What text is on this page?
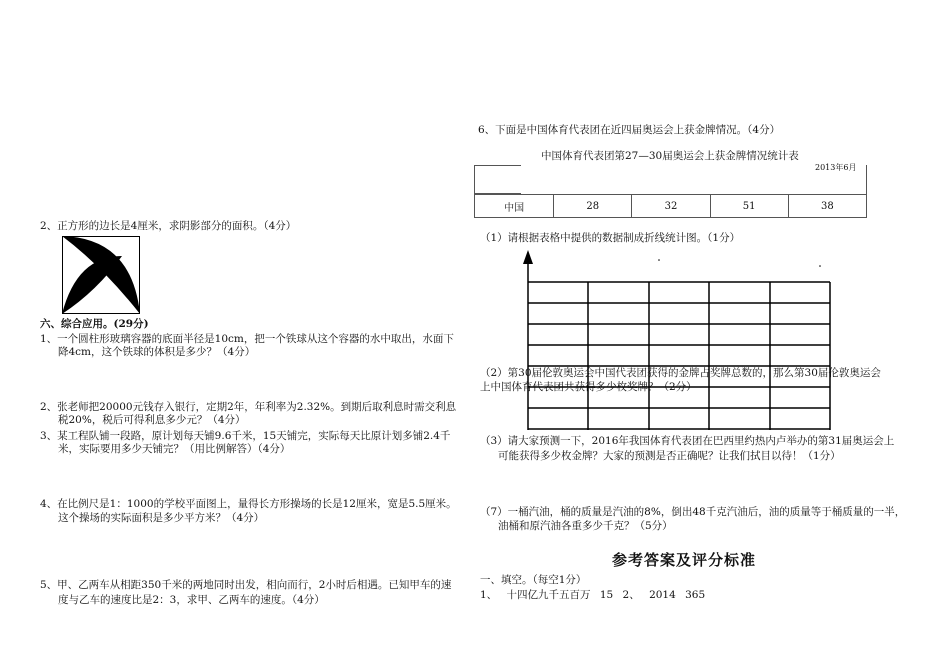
2、正方形的边长是4厘米，求阴影部分的面积。（4分）
六、综合应用。(29分)
1、一个圆柱形玻璃容器的底面半径是10cm，把一个铁球从这个容器的水中取出，水面下
降4cm，这个铁球的体积是多少？（4分）
2、张老师把20000元钱存入银行，定期2年，年利率为2.32%。到期后取利息时需交利息
税20%，税后可得利息多少元？（4分）
3、某工程队铺一段路，原计划每天铺9.6千米，15天铺完，实际每天比原计划多铺2.4千
米，实际要用多少天铺完？（用比例解答）（4分）
4、在比例尺是1：1000的学校平面图上，量得长方形操场的长是12厘米，宽是5.5厘米。
这个操场的实际面积是多少平方米？（4分）
5、甲、乙两车从相距350千米的两地同时出发，相向而行，2小时后相遇。已知甲车的速
度与乙车的速度比是2：3，求甲、乙两车的速度。（4分）
6、下面是中国体育代表团在近四届奥运会上获金牌情况。（4分）
中国体育代表团第27—30届奥运会上获金牌情况统计表
2013年6月
中国	28	32	51	38
（1）请根据表格中提供的数据制成折线统计图。（1分）
（2）第30届伦敦奥运会中国代表团获得的金牌占奖牌总数的，那么第30届伦敦奥运会
上中国体育代表团共获得多少枚奖牌？（2分）
（3）请大家预测一下，2016年我国体育代表团在巴西里约热内卢举办的第31届奥运会上
可能获得多少枚金牌？大家的预测是否正确呢？让我们拭目以待！（1分）
（7）一桶汽油，桶的质量是汽油的8%，倒出48千克汽油后，油的质量等于桶质量的一半，
油桶和原汽油各重多少千克？（5分）
参考答案及评分标准
一、填空。（每空1分）
1、 十四亿九千五百万 15 2、 2014 365
